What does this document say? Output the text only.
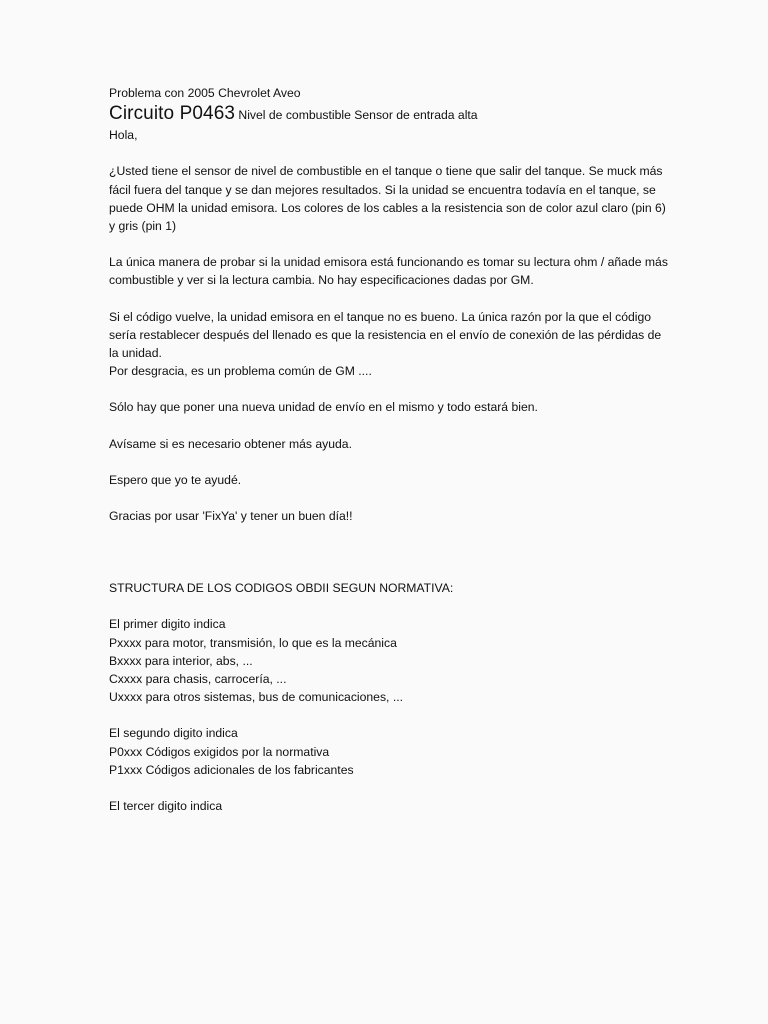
Problema con 2005 Chevrolet Aveo
Circuito P0463 Nivel de combustible Sensor de entrada alta
Hola,

¿Usted tiene el sensor de nivel de combustible en el tanque o tiene que salir del tanque. Se muck más fácil fuera del tanque y se dan mejores resultados. Si la unidad se encuentra todavía en el tanque, se puede OHM la unidad emisora. Los colores de los cables a la resistencia son de color azul claro (pin 6) y gris (pin 1)

La única manera de probar si la unidad emisora está funcionando es tomar su lectura ohm / añade más combustible y ver si la lectura cambia. No hay especificaciones dadas por GM.

Si el código vuelve, la unidad emisora en el tanque no es bueno. La única razón por la que el código sería restablecer después del llenado es que la resistencia en el envío de conexión de las pérdidas de la unidad.

Por desgracia, es un problema común de GM ....

Sólo hay que poner una nueva unidad de envío en el mismo y todo estará bien.

Avísame si es necesario obtener más ayuda.

Espero que yo te ayudé.

Gracias por usar 'FixYa' y tener un buen día!!

STRUCTURA DE LOS CODIGOS OBDII SEGUN NORMATIVA:
El primer digito indica
Pxxxx para motor, transmisión, lo que es la mecánica
Bxxxx para interior, abs, ...
Cxxxx para chasis, carrocería, ...
Uxxxx para otros sistemas, bus de comunicaciones, ...
El segundo digito indica
P0xxx Códigos exigidos por la normativa
P1xxx Códigos adicionales de los fabricantes
El tercer digito indica
